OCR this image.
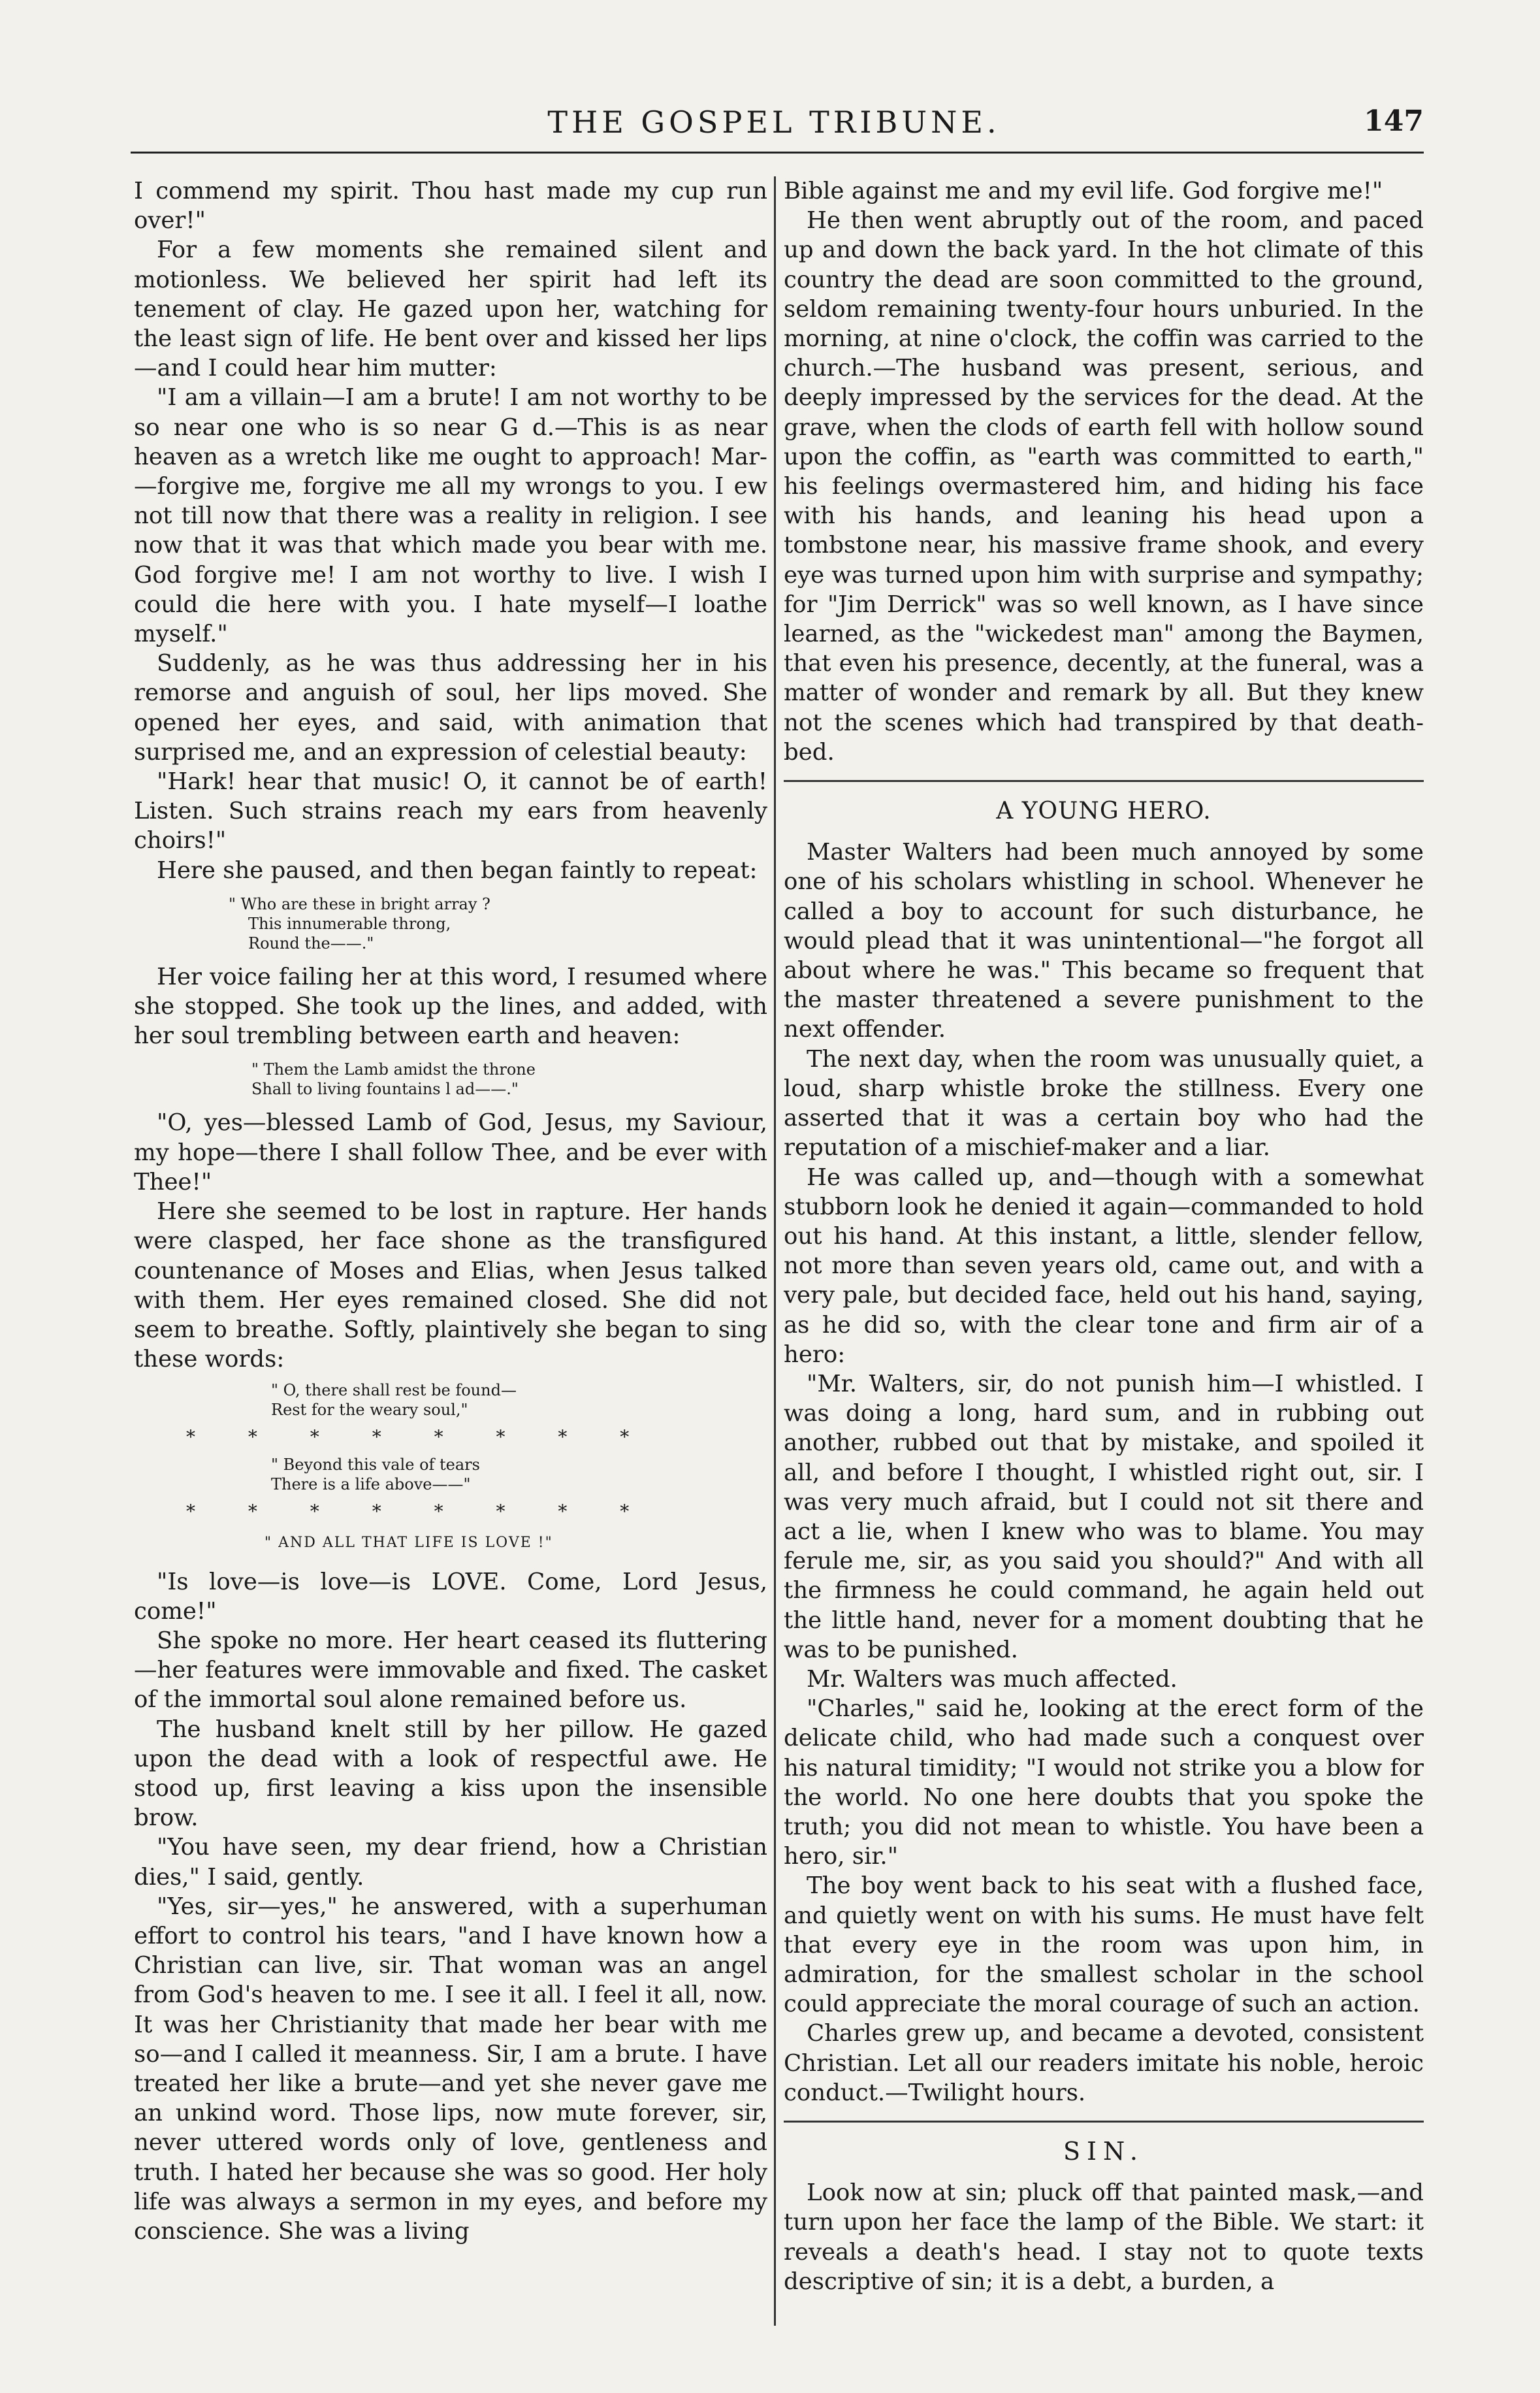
THE GOSPEL TRIBUNE.	147

I commend my spirit. Thou hast made my cup run over!"

For a few moments she remained silent and motionless. We believed her spirit had left its tenement of clay. He gazed upon her, watching for the least sign of life. He bent over and kissed her lips—and I could hear him mutter:

"I am a villain—I am a brute! I am not worthy to be so near one who is so near G d.—This is as near heaven as a wretch like me ought to approach! Mar- —forgive me, forgive me all my wrongs to you. I ew not till now that there was a reality in religion. I see now that it was that which made you bear with me. God forgive me! I am not worthy to live. I wish I could die here with you. I hate myself—I loathe myself."

Suddenly, as he was thus addressing her in his remorse and anguish of soul, her lips moved. She opened her eyes, and said, with animation that surprised me, and an expression of celestial beauty:

"Hark! hear that music! O, it cannot be of earth! Listen. Such strains reach my ears from heavenly choirs!"

Here she paused, and then began faintly to repeat:

" Who are these in bright array ?
This innumerable throng,
Round the——."

Her voice failing her at this word, I resumed where she stopped. She took up the lines, and added, with her soul trembling between earth and heaven:

" Them the Lamb amidst the throne
Shall to living fountains l ad——."

"O, yes—blessed Lamb of God, Jesus, my Saviour, my hope—there I shall follow Thee, and be ever with Thee!"

Here she seemed to be lost in rapture. Her hands were clasped, her face shone as the transfigured countenance of Moses and Elias, when Jesus talked with them. Her eyes remained closed. She did not seem to breathe. Softly, plaintively she began to sing these words:

" O, there shall rest be found—
Rest for the weary soul,"
* * * * * * * *
" Beyond this vale of tears
There is a life above——"
* * * * * * * *
" AND ALL THAT LIFE IS LOVE !"

"Is love—is love—is LOVE. Come, Lord Jesus, come!"

She spoke no more. Her heart ceased its fluttering—her features were immovable and fixed. The casket of the immortal soul alone remained before us.

The husband knelt still by her pillow. He gazed upon the dead with a look of respectful awe. He stood up, first leaving a kiss upon the insensible brow.

"You have seen, my dear friend, how a Christian dies," I said, gently.

"Yes, sir—yes," he answered, with a superhuman effort to control his tears, "and I have known how a Christian can live, sir. That woman was an angel from God's heaven to me. I see it all. I feel it all, now. It was her Christianity that made her bear with me so—and I called it meanness. Sir, I am a brute. I have treated her like a brute—and yet she never gave me an unkind word. Those lips, now mute forever, sir, never uttered words only of love, gentleness and truth. I hated her because she was so good. Her holy life was always a sermon in my eyes, and before my conscience. She was a living

Bible against me and my evil life. God forgive me!"

He then went abruptly out of the room, and paced up and down the back yard. In the hot climate of this country the dead are soon committed to the ground, seldom remaining twenty-four hours unburied. In the morning, at nine o'clock, the coffin was carried to the church.—The husband was present, serious, and deeply impressed by the services for the dead. At the grave, when the clods of earth fell with hollow sound upon the coffin, as "earth was committed to earth," his feelings overmastered him, and hiding his face with his hands, and leaning his head upon a tombstone near, his massive frame shook, and every eye was turned upon him with surprise and sympathy; for "Jim Derrick" was so well known, as I have since learned, as the "wickedest man" among the Baymen, that even his presence, decently, at the funeral, was a matter of wonder and remark by all. But they knew not the scenes which had transpired by that death-bed.

A YOUNG HERO.

Master Walters had been much annoyed by some one of his scholars whistling in school. Whenever he called a boy to account for such disturbance, he would plead that it was unintentional—"he forgot all about where he was." This became so frequent that the master threatened a severe punishment to the next offender.

The next day, when the room was unusually quiet, a loud, sharp whistle broke the stillness. Every one asserted that it was a certain boy who had the reputation of a mischief-maker and a liar.

He was called up, and—though with a somewhat stubborn look he denied it again—commanded to hold out his hand. At this instant, a little, slender fellow, not more than seven years old, came out, and with a very pale, but decided face, held out his hand, saying, as he did so, with the clear tone and firm air of a hero:

"Mr. Walters, sir, do not punish him—I whistled. I was doing a long, hard sum, and in rubbing out another, rubbed out that by mistake, and spoiled it all, and before I thought, I whistled right out, sir. I was very much afraid, but I could not sit there and act a lie, when I knew who was to blame. You may ferule me, sir, as you said you should?" And with all the firmness he could command, he again held out the little hand, never for a moment doubting that he was to be punished.

Mr. Walters was much affected.

"Charles," said he, looking at the erect form of the delicate child, who had made such a conquest over his natural timidity; "I would not strike you a blow for the world. No one here doubts that you spoke the truth; you did not mean to whistle. You have been a hero, sir."

The boy went back to his seat with a flushed face, and quietly went on with his sums. He must have felt that every eye in the room was upon him, in admiration, for the smallest scholar in the school could appreciate the moral courage of such an action.

Charles grew up, and became a devoted, consistent Christian. Let all our readers imitate his noble, heroic conduct.—Twilight hours.

SIN.

Look now at sin; pluck off that painted mask,—and turn upon her face the lamp of the Bible. We start: it reveals a death's head. I stay not to quote texts descriptive of sin; it is a debt, a burden, a
